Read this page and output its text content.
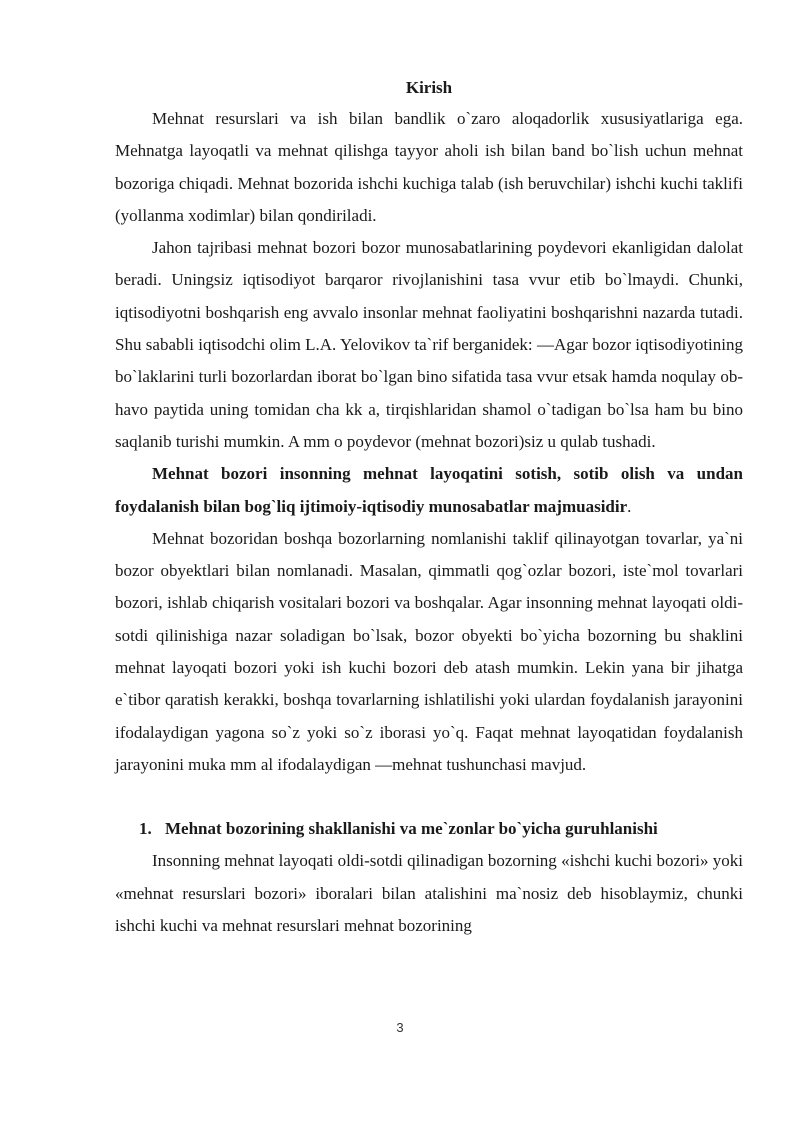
Kirish

Mehnat resurslari va ish bilan bandlik o`zaro aloqadorlik xususiyatlariga ega. Mehnatga layoqatli va mehnat qilishga tayyor aholi ish bilan band bo`lish uchun mehnat bozoriga chiqadi. Mehnat bozorida ishchi kuchiga talab (ish beruvchilar) ishchi kuchi taklifi (yollanma xodimlar) bilan qondiriladi.

Jahon tajribasi mehnat bozori bozor munosabatlarining poydevori ekanligidan dalolat beradi. Uningsiz iqtisodiyot barqaror rivojlanishini tasa vvur etib bo`lmaydi. Chunki, iqtisodiyotni boshqarish eng avvalo insonlar mehnat faoliyatini boshqarishni nazarda tutadi. Shu sababli iqtisodchi olim L.A. Yelovikov ta`rif berganidek: —Agar bozor iqtisodiyotining bo`laklarini turli bozorlardan iborat bo`lgan bino sifatida tasa vvur etsak hamda noqulay ob-havo paytida uning tomidan cha kk a, tirqishlaridan shamol o`tadigan bo`lsa ham bu bino saqlanib turishi mumkin. A mm o poydevor (mehnat bozori)siz u qulab tushadi.

Mehnat bozori insonning mehnat layoqatini sotish, sotib olish va undan foydalanish bilan bog`liq ijtimoiy-iqtisodiy munosabatlar majmuasidir.

Mehnat bozoridan boshqa bozorlarning nomlanishi taklif qilinayotgan tovarlar, ya`ni bozor obyektlari bilan nomlanadi. Masalan, qimmatli qog`ozlar bozori, iste`mol tovarlari bozori, ishlab chiqarish vositalari bozori va boshqalar. Agar insonning mehnat layoqati oldi-sotdi qilinishiga nazar soladigan bo`lsak, bozor obyekti bo`yicha bozorning bu shaklini mehnat layoqati bozori yoki ish kuchi bozori deb atash mumkin. Lekin yana bir jihatga e`tibor qaratish kerakki, boshqa tovarlarning ishlatilishi yoki ulardan foydalanish jarayonini ifodalaydigan yagona so`z yoki so`z iborasi yo`q. Faqat mehnat layoqatidan foydalanish jarayonini muka mm al ifodalaydigan —mehnat tushunchasi mavjud.

1. Mehnat bozorining shakllanishi va me`zonlar bo`yicha guruhlanishi

Insonning mehnat layoqati oldi-sotdi qilinadigan bozorning «ishchi kuchi bozori» yoki «mehnat resurslari bozori» iboralari bilan atalishini ma`nosiz deb hisoblaymiz, chunki ishchi kuchi va mehnat resurslari mehnat bozorining

3
